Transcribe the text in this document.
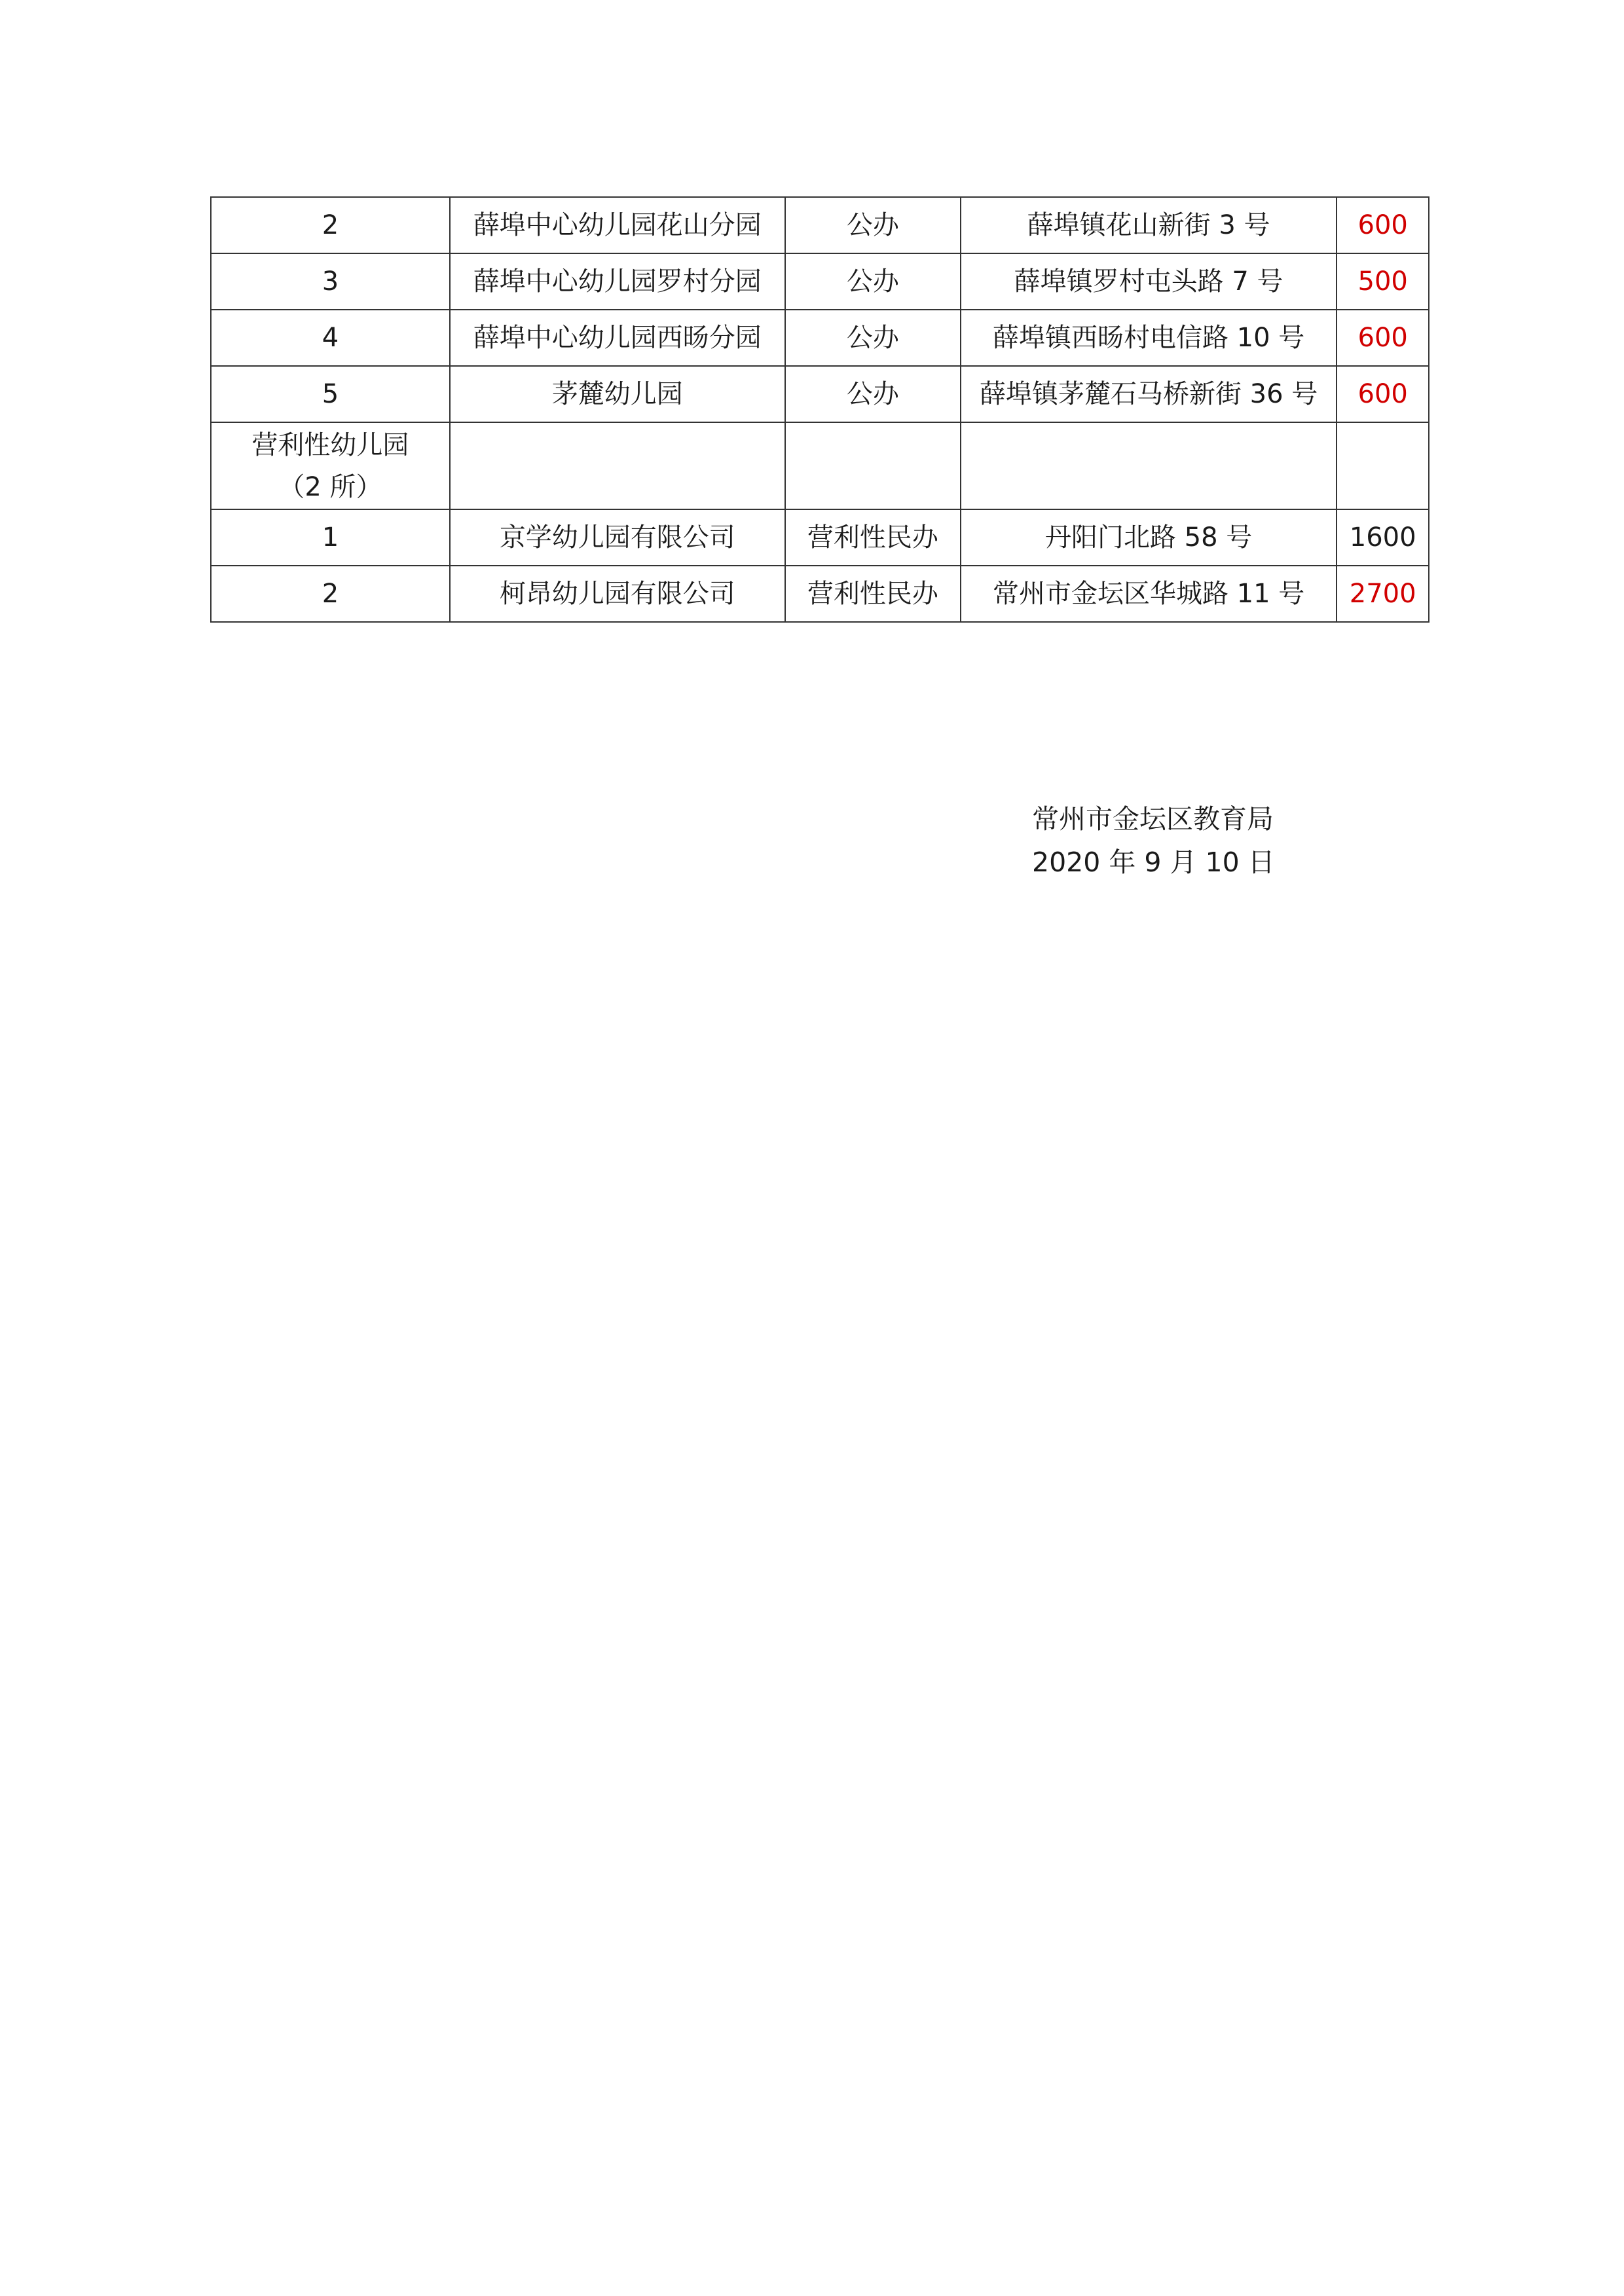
2	薛埠中心幼儿园花山分园	公办	薛埠镇花山新街 3 号	600
3	薛埠中心幼儿园罗村分园	公办	薛埠镇罗村屯头路 7 号	500
4	薛埠中心幼儿园西旸分园	公办	薛埠镇西旸村电信路 10 号	600
5	茅麓幼儿园	公办	薛埠镇茅麓石马桥新街 36 号	600

营利性幼儿园
（2 所）				

1	京学幼儿园有限公司	营利性民办	丹阳门北路 58 号	1600
2	柯昂幼儿园有限公司	营利性民办	常州市金坛区华城路 11 号	2700
常州市金坛区教育局
2020 年 9 月 10 日
